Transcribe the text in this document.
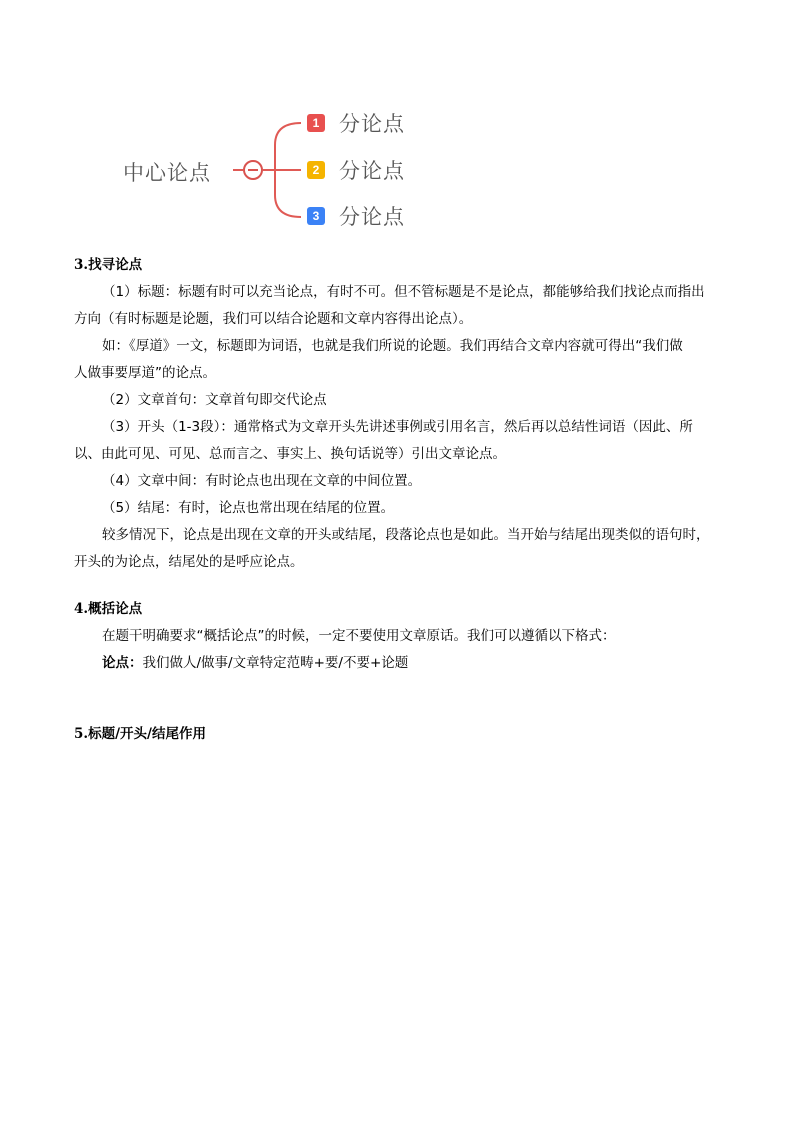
中心论点
1 分论点
2 分论点
3 分论点

3.找寻论点

（1）标题：标题有时可以充当论点，有时不可。但不管标题是不是论点，都能够给我们找论点而指出

方向（有时标题是论题，我们可以结合论题和文章内容得出论点）。

如：《厚道》一文，标题即为词语，也就是我们所说的论题。我们再结合文章内容就可得出“我们做

人做事要厚道”的论点。

（2）文章首句：文章首句即交代论点

（3）开头（1-3段）：通常格式为文章开头先讲述事例或引用名言，然后再以总结性词语（因此、所

以、由此可见、可见、总而言之、事实上、换句话说等）引出文章论点。

（4）文章中间：有时论点也出现在文章的中间位置。

（5）结尾：有时，论点也常出现在结尾的位置。

较多情况下，论点是出现在文章的开头或结尾，段落论点也是如此。当开始与结尾出现类似的语句时，

开头的为论点，结尾处的是呼应论点。

4.概括论点

在题干明确要求“概括论点”的时候，一定不要使用文章原话。我们可以遵循以下格式：

论点：我们做人/做事/文章特定范畴+要/不要+论题

5.标题/开头/结尾作用
